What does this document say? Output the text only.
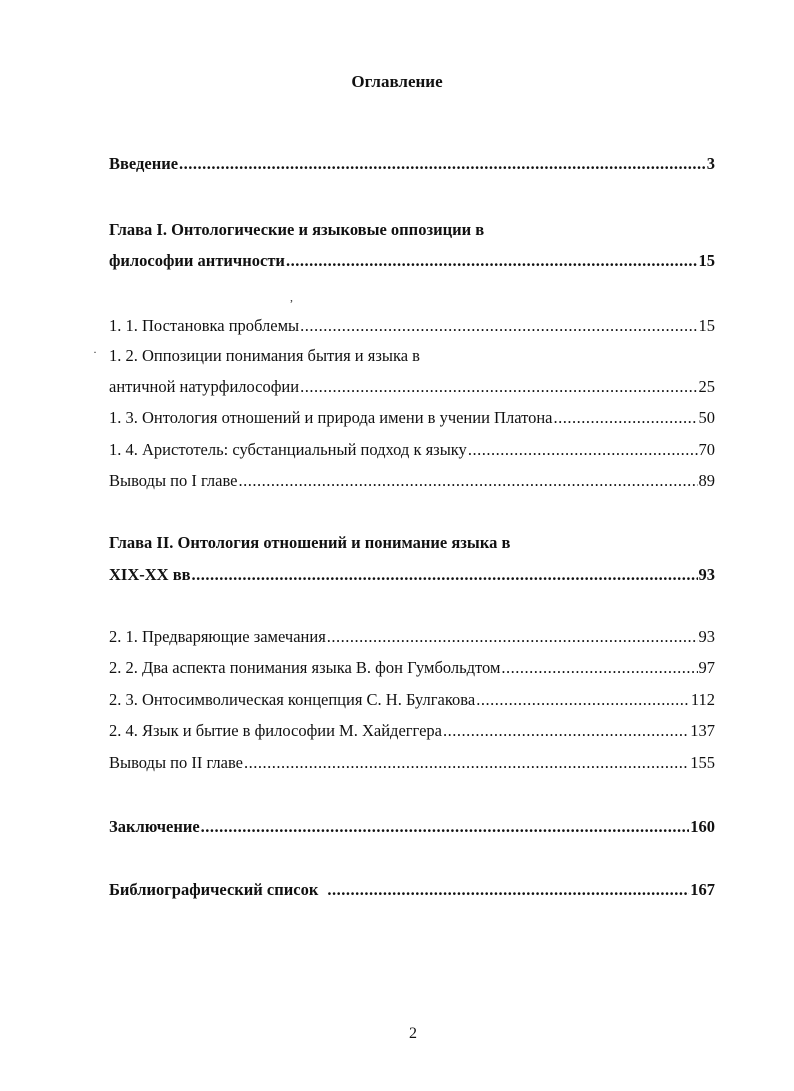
Оглавление
Введение .....	3
Глава I. Онтологические и языковые оппозиции в
философии античности .....	15
,
1. 1. Постановка проблемы .....	15
· 1. 2. Оппозиции понимания бытия и языка в
античной натурфилософии .....	25
1. 3. Онтология отношений и природа имени в учении Платона .....	50
1. 4. Аристотель: субстанциальный подход к языку .....	70
Выводы по I главе .....	89
Глава II. Онтология отношений и понимание языка в
XIX-XX вв .....	93
2. 1. Предваряющие замечания .....	93
2. 2. Два аспекта понимания языка В. фон Гумбольдтом .....	97
2. 3. Онтосимволическая концепция С. Н. Булгакова .....	112
2. 4. Язык и бытие в философии М. Хайдеггера .....	137
Выводы по II главе .....	155
Заключение .....	160
Библиографический список .....	167
2
